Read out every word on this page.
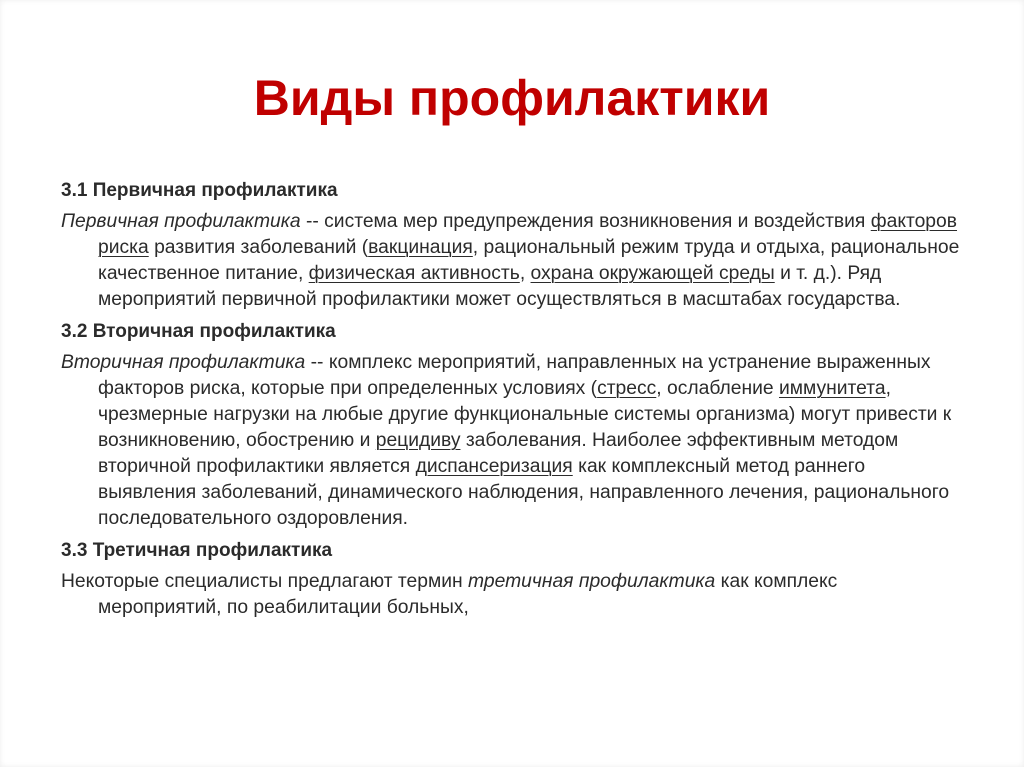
Виды профилактики
3.1 Первичная профилактика

Первичная профилактика -- система мер предупреждения возникновения и воздействия факторов риска развития заболеваний (вакцинация, рациональный режим труда и отдыха, рациональное качественное питание, физическая активность, охрана окружающей среды и т. д.). Ряд мероприятий первичной профилактики может осуществляться в масштабах государства.

3.2 Вторичная профилактика

Вторичная профилактика -- комплекс мероприятий, направленных на устранение выраженных факторов риска, которые при определенных условиях (стресс, ослабление иммунитета, чрезмерные нагрузки на любые другие функциональные системы организма) могут привести к возникновению, обострению и рецидиву заболевания. Наиболее эффективным методом вторичной профилактики является диспансеризация как комплексный метод раннего выявления заболеваний, динамического наблюдения, направленного лечения, рационального последовательного оздоровления.

3.3 Третичная профилактика

Некоторые специалисты предлагают термин третичная профилактика как комплекс мероприятий, по реабилитации больных,
